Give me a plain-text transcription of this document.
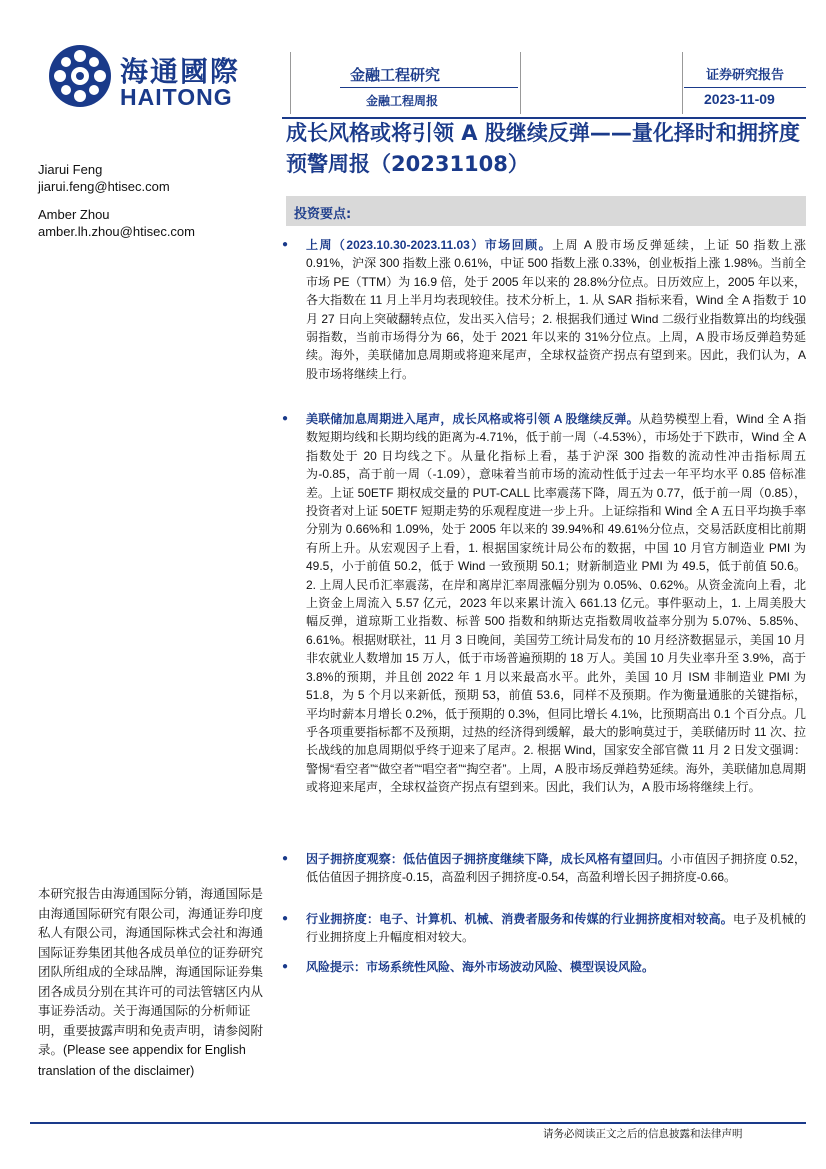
海通國際
HAITONG
金融工程研究
金融工程周报
证券研究报告
2023-11-09
成长风格或将引领 A 股继续反弹——量化择时和拥挤度预警周报（20231108）
Jiarui Feng
jiarui.feng@htisec.com
Amber Zhou
amber.lh.zhou@htisec.com
投资要点:
● 上周（2023.10.30-2023.11.03）市场回顾。上周 A 股市场反弹延续，上证 50 指数上涨 0.91%，沪深 300 指数上涨 0.61%，中证 500 指数上涨 0.33%，创业板指上涨 1.98%。当前全市场 PE（TTM）为 16.9 倍，处于 2005 年以来的 28.8%分位点。日历效应上，2005 年以来，各大指数在 11 月上半月均表现较佳。技术分析上，1. 从 SAR 指标来看，Wind 全 A 指数于 10 月 27 日向上突破翻转点位，发出买入信号；2. 根据我们通过 Wind 二级行业指数算出的均线强弱指数，当前市场得分为 66，处于 2021 年以来的 31%分位点。上周，A 股市场反弹趋势延续。海外，美联储加息周期或将迎来尾声，全球权益资产拐点有望到来。因此，我们认为，A 股市场将继续上行。
● 美联储加息周期进入尾声，成长风格或将引领 A 股继续反弹。从趋势模型上看，Wind 全 A 指数短期均线和长期均线的距离为-4.71%，低于前一周（-4.53%），市场处于下跌市，Wind 全 A 指数处于 20 日均线之下。从量化指标上看，基于沪深 300 指数的流动性冲击指标周五为-0.85，高于前一周（-1.09），意味着当前市场的流动性低于过去一年平均水平 0.85 倍标准差。上证 50ETF 期权成交量的 PUT-CALL 比率震荡下降，周五为 0.77，低于前一周（0.85），投资者对上证 50ETF 短期走势的乐观程度进一步上升。上证综指和 Wind 全 A 五日平均换手率分别为 0.66%和 1.09%，处于 2005 年以来的 39.94%和 49.61%分位点，交易活跃度相比前期有所上升。从宏观因子上看，1. 根据国家统计局公布的数据，中国 10 月官方制造业 PMI 为 49.5，小于前值 50.2，低于 Wind 一致预期 50.1；财新制造业 PMI 为 49.5，低于前值 50.6。2. 上周人民币汇率震荡，在岸和离岸汇率周涨幅分别为 0.05%、0.62%。从资金流向上看，北上资金上周流入 5.57 亿元，2023 年以来累计流入 661.13 亿元。事件驱动上，1. 上周美股大幅反弹，道琼斯工业指数、标普 500 指数和纳斯达克指数周收益率分别为 5.07%、5.85%、6.61%。根据财联社，11 月 3 日晚间，美国劳工统计局发布的 10 月经济数据显示，美国 10 月非农就业人数增加 15 万人，低于市场普遍预期的 18 万人。美国 10 月失业率升至 3.9%，高于 3.8%的预期，并且创 2022 年 1 月以来最高水平。此外，美国 10 月 ISM 非制造业 PMI 为 51.8，为 5 个月以来新低，预期 53，前值 53.6，同样不及预期。作为衡量通胀的关键指标，平均时薪本月增长 0.2%，低于预期的 0.3%，但同比增长 4.1%，比预期高出 0.1 个百分点。几乎各项重要指标都不及预期，过热的经济得到缓解，最大的影响莫过于，美联储历时 11 次、拉长战线的加息周期似乎终于迎来了尾声。2. 根据 Wind，国家安全部官微 11 月 2 日发文强调：警惕“看空者”“做空者”“唱空者”“掏空者”。上周，A 股市场反弹趋势延续。海外，美联储加息周期或将迎来尾声，全球权益资产拐点有望到来。因此，我们认为，A 股市场将继续上行。
● 因子拥挤度观察：低估值因子拥挤度继续下降，成长风格有望回归。小市值因子拥挤度 0.52，低估值因子拥挤度-0.15，高盈利因子拥挤度-0.54，高盈利增长因子拥挤度-0.66。
● 行业拥挤度：电子、计算机、机械、消费者服务和传媒的行业拥挤度相对较高。电子及机械的行业拥挤度上升幅度相对较大。
● 风险提示：市场系统性风险、海外市场波动风险、模型误设风险。
本研究报告由海通国际分销，海通国际是由海通国际研究有限公司，海通证券印度私人有限公司，海通国际株式会社和海通国际证券集团其他各成员单位的证券研究团队所组成的全球品牌，海通国际证券集团各成员分别在其许可的司法管辖区内从事证券活动。关于海通国际的分析师证明，重要披露声明和免责声明，请参阅附录。(Please see appendix for English translation of the disclaimer)
请务必阅读正文之后的信息披露和法律声明
